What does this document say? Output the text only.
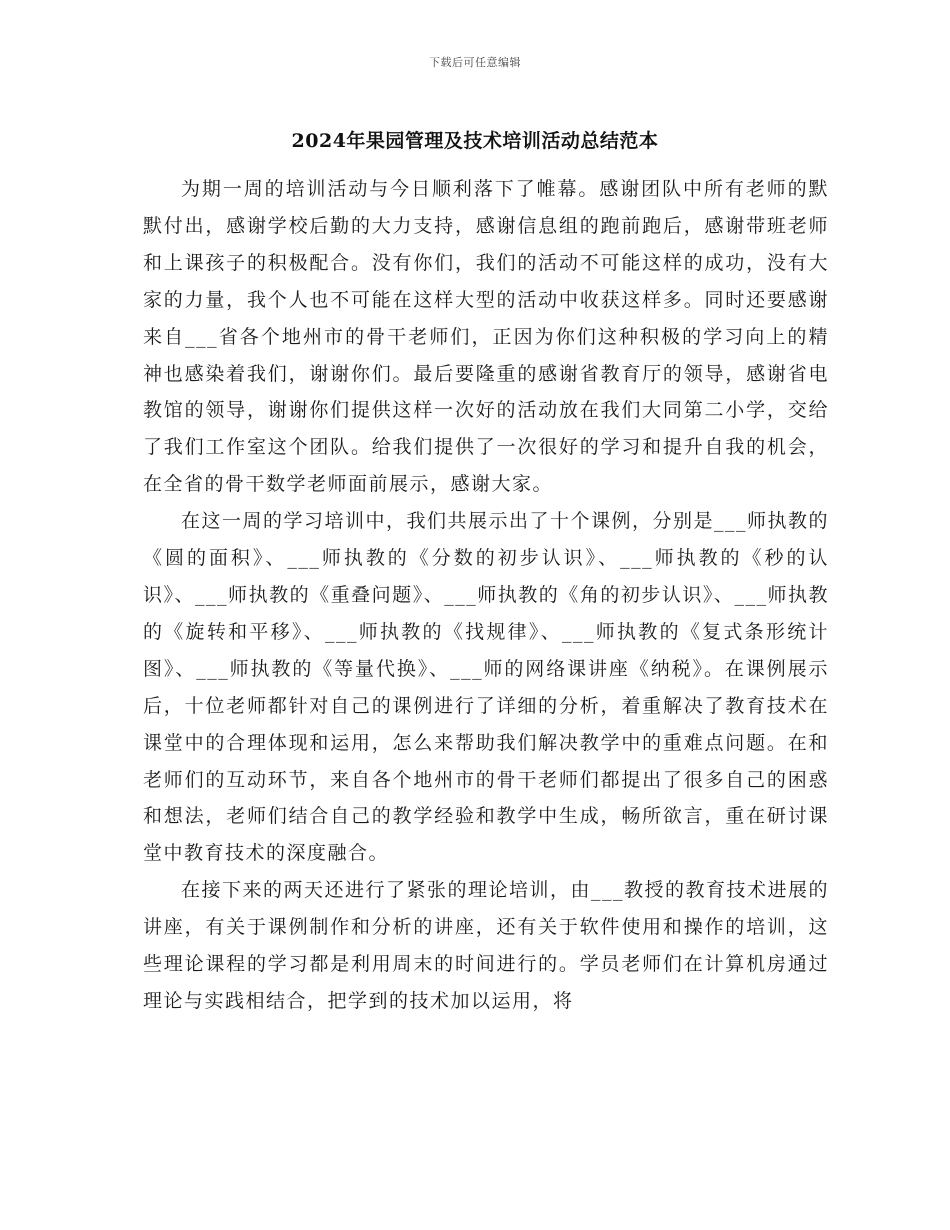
下载后可任意编辑
2024年果园管理及技术培训活动总结范本

为期一周的培训活动与今日顺利落下了帷幕。感谢团队中所有老师的默默付出，感谢学校后勤的大力支持，感谢信息组的跑前跑后，感谢带班老师和上课孩子的积极配合。没有你们，我们的活动不可能这样的成功，没有大家的力量，我个人也不可能在这样大型的活动中收获这样多。同时还要感谢来自___省各个地州市的骨干老师们，正因为你们这种积极的学习向上的精神也感染着我们，谢谢你们。最后要隆重的感谢省教育厅的领导，感谢省电教馆的领导，谢谢你们提供这样一次好的活动放在我们大同第二小学，交给了我们工作室这个团队。给我们提供了一次很好的学习和提升自我的机会，在全省的骨干数学老师面前展示，感谢大家。

在这一周的学习培训中，我们共展示出了十个课例，分别是___师执教的《圆的面积》、___师执教的《分数的初步认识》、___师执教的《秒的认识》、___师执教的《重叠问题》、___师执教的《角的初步认识》、___师执教的《旋转和平移》、___师执教的《找规律》、___师执教的《复式条形统计图》、___师执教的《等量代换》、___师的网络课讲座《纳税》。在课例展示后，十位老师都针对自己的课例进行了详细的分析，着重解决了教育技术在课堂中的合理体现和运用，怎么来帮助我们解决教学中的重难点问题。在和老师们的互动环节，来自各个地州市的骨干老师们都提出了很多自己的困惑和想法，老师们结合自己的教学经验和教学中生成，畅所欲言，重在研讨课堂中教育技术的深度融合。

在接下来的两天还进行了紧张的理论培训，由___教授的教育技术进展的讲座，有关于课例制作和分析的讲座，还有关于软件使用和操作的培训，这些理论课程的学习都是利用周末的时间进行的。学员老师们在计算机房通过理论与实践相结合，把学到的技术加以运用，将
